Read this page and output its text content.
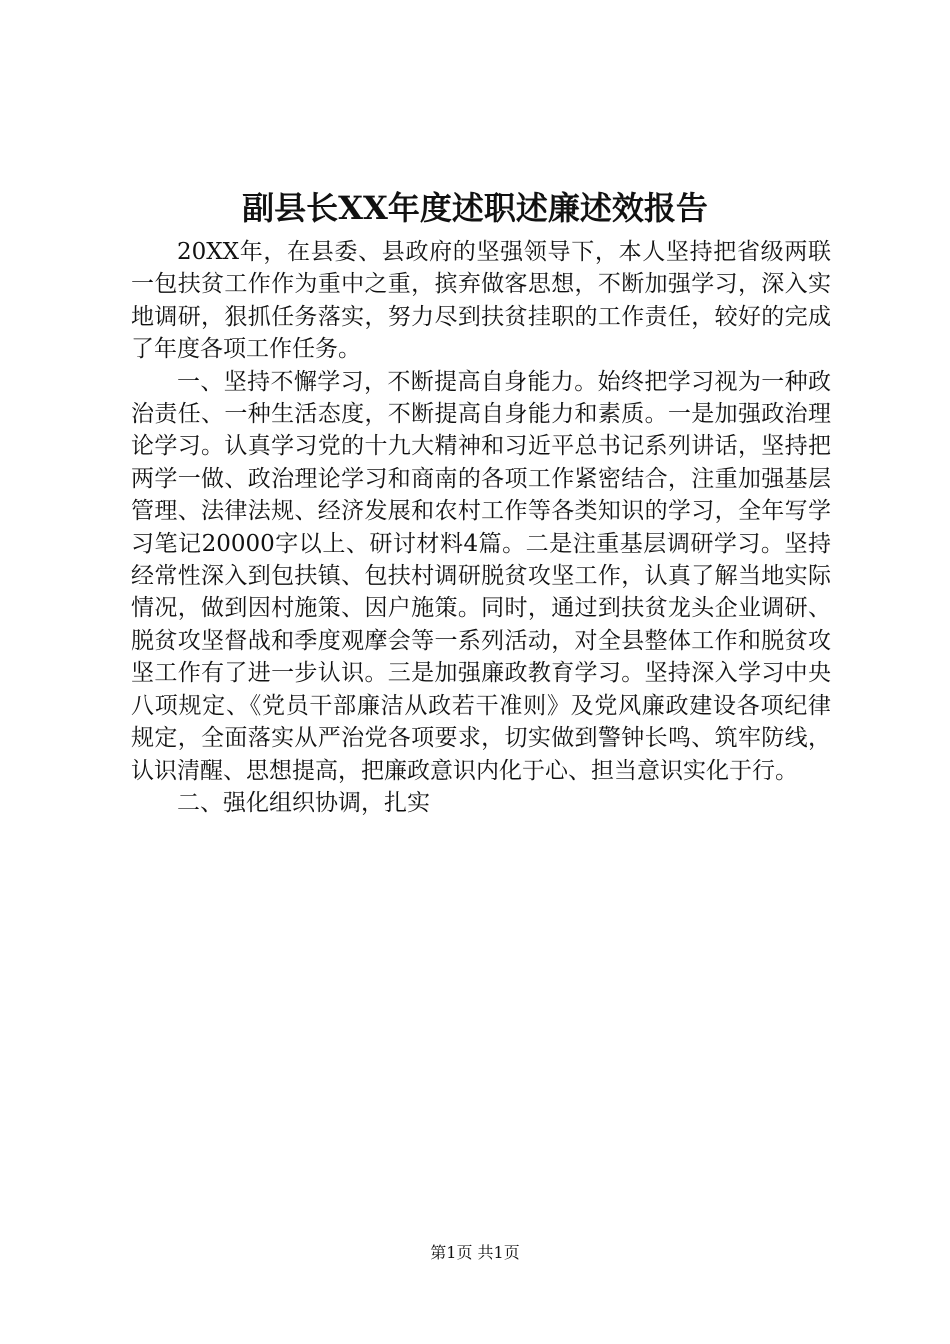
副县长XX年度述职述廉述效报告

20XX年，在县委、县政府的坚强领导下，本人坚持把省级两联一包扶贫工作作为重中之重，摈弃做客思想，不断加强学习，深入实地调研，狠抓任务落实，努力尽到扶贫挂职的工作责任，较好的完成了年度各项工作任务。

一、坚持不懈学习，不断提高自身能力。始终把学习视为一种政治责任、一种生活态度，不断提高自身能力和素质。一是加强政治理论学习。认真学习党的十九大精神和习近平总书记系列讲话，坚持把两学一做、政治理论学习和商南的各项工作紧密结合，注重加强基层管理、法律法规、经济发展和农村工作等各类知识的学习，全年写学习笔记20000字以上、研讨材料4篇。二是注重基层调研学习。坚持经常性深入到包扶镇、包扶村调研脱贫攻坚工作，认真了解当地实际情况，做到因村施策、因户施策。同时，通过到扶贫龙头企业调研、脱贫攻坚督战和季度观摩会等一系列活动，对全县整体工作和脱贫攻坚工作有了进一步认识。三是加强廉政教育学习。坚持深入学习中央八项规定、《党员干部廉洁从政若干准则》及党风廉政建设各项纪律规定，全面落实从严治党各项要求，切实做到警钟长鸣、筑牢防线，认识清醒、思想提高，把廉政意识内化于心、担当意识实化于行。

二、强化组织协调，扎实

第1页 共1页
